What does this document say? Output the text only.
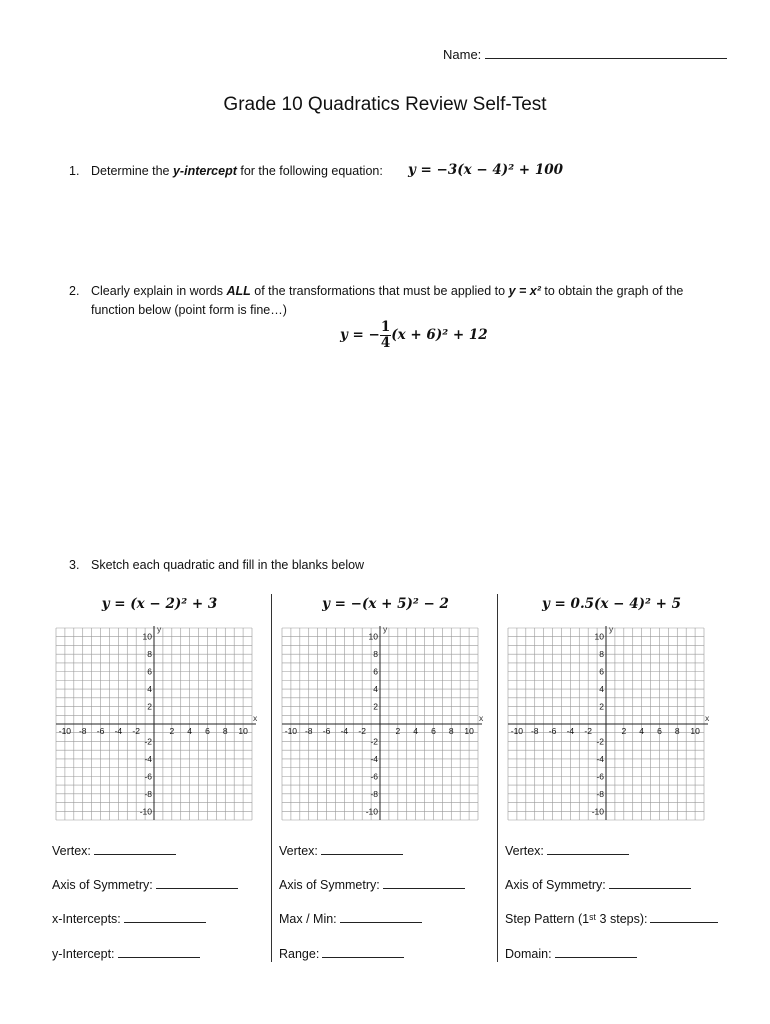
Name:
Grade 10 Quadratics Review Self-Test
1. Determine the y-intercept for the following equation: y = −3(x − 4)² + 100
2. Clearly explain in words ALL of the transformations that must be applied to y = x² to obtain the graph of the
function below (point form is fine…)
y = − $\frac{1}{4} (x + 6)^2 + 12$
3. Sketch each quadratic and fill in the blanks below
y = (x − 2)² + 3	y = −(x + 5)² − 2	y = 0.5(x − 4)² + 5
x
y
-10 -8 -6 -4 -2	2 4 6 8 10
10
8
6
4
2
-2
-4
-6
-8
-10
x
y
-10 -8 -6 -4 -2	2 4 6 8 10
10
8
6
4
2
-2
-4
-6
-8
-10
x
y
-10 -8 -6 -4 -2	2 4 6 8 10
10
8
6
4
2
-2
-4
-6
-8
-10
Vertex:
Axis of Symmetry:
x-Intercepts:
y-Intercept:
Vertex:
Axis of Symmetry:
Max / Min:
Range:
Vertex:
Axis of Symmetry:
Step Pattern (1ˢᵗ 3 steps):
Domain:
